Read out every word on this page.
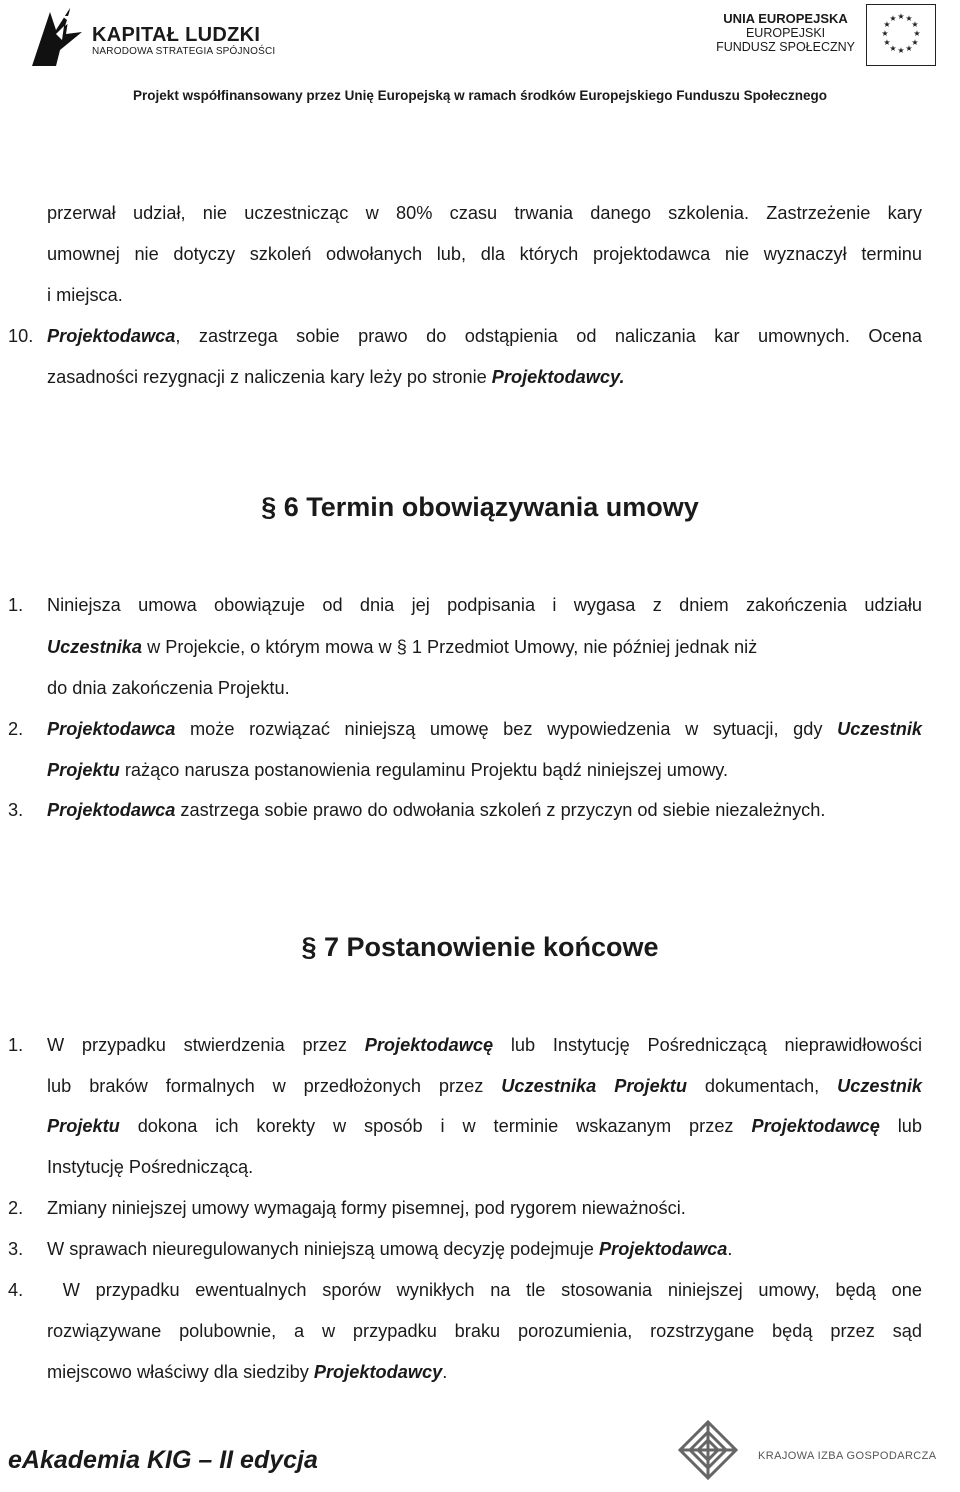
KAPITAŁ LUDZKI
NARODOWA STRATEGIA SPÓJNOŚCI
UNIA EUROPEJSKA
EUROPEJSKI
FUNDUSZ SPOŁECZNY
★ ★
★
★
★
★
★
★
★
★
★
★
Projekt współfinansowany przez Unię Europejską w ramach środków Europejskiego Funduszu Społecznego
przerwał udział, nie uczestnicząc w 80% czasu trwania danego szkolenia. Zastrzeżenie kary
umownej nie dotyczy szkoleń odwołanych lub, dla których projektodawca nie wyznaczył terminu
i miejsca.
10. Projektodawca, zastrzega sobie prawo do odstąpienia od naliczania kar umownych. Ocena
zasadności rezygnacji z naliczenia kary leży po stronie Projektodawcy.
§ 6 Termin obowiązywania umowy
1. Niniejsza umowa obowiązuje od dnia jej podpisania i wygasa z dniem zakończenia udziału
Uczestnika w Projekcie, o którym mowa w § 1 Przedmiot Umowy, nie później jednak niż
do dnia zakończenia Projektu.
2. Projektodawca może rozwiązać niniejszą umowę bez wypowiedzenia w sytuacji, gdy Uczestnik
Projektu rażąco narusza postanowienia regulaminu Projektu bądź niniejszej umowy.
3. Projektodawca zastrzega sobie prawo do odwołania szkoleń z przyczyn od siebie niezależnych.
§ 7 Postanowienie końcowe
1. W przypadku stwierdzenia przez Projektodawcę lub Instytucję Pośredniczącą nieprawidłowości
lub braków formalnych w przedłożonych przez Uczestnika Projektu dokumentach, Uczestnik
Projektu dokona ich korekty w sposób i w terminie wskazanym przez Projektodawcę lub
Instytucję Pośredniczącą.
2. Zmiany niniejszej umowy wymagają formy pisemnej, pod rygorem nieważności.
3. W sprawach nieuregulowanych niniejszą umową decyzję podejmuje Projektodawca.
4. W przypadku ewentualnych sporów wynikłych na tle stosowania niniejszej umowy, będą one
rozwiązywane polubownie, a w przypadku braku porozumienia, rozstrzygane będą przez sąd
miejscowo właściwy dla siedziby Projektodawcy.
eAkademia KIG – II edycja	KRAJOWA IZBA GOSPODARCZA
